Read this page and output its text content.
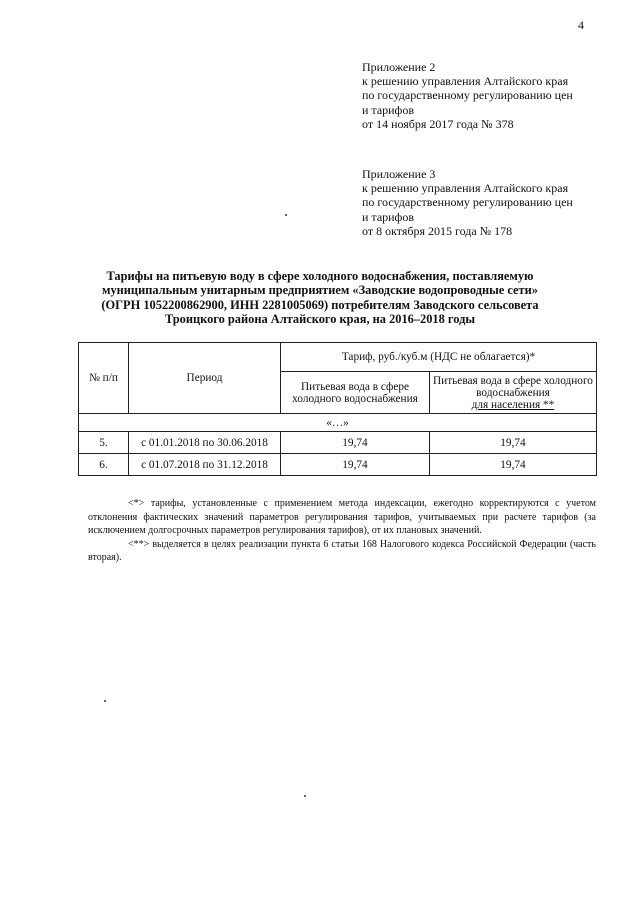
4
Приложение 2
к решению управления Алтайского края
по государственному регулированию цен
и тарифов
от 14 ноября 2017 года № 378
Приложение 3
к решению управления Алтайского края
по государственному регулированию цен
и тарифов
от 8 октября 2015 года № 178
Тарифы на питьевую воду в сфере холодного водоснабжения, поставляемую
муниципальным унитарным предприятием «Заводские водопроводные сети»
(ОГРН 1052200862900, ИНН 2281005069) потребителям Заводского сельсовета
Троицкого района Алтайского края, на 2016–2018 годы
№ п/п	Период	Тариф, руб./куб.м (НДС не облагается)*	
		Питьевая вода в сфере холодного водоснабжения	Питьевая вода в сфере холодного водоснабжения
для населения **
«…»			
5.	с 01.01.2018 по 30.06.2018	19,74	19,74
6.	с 01.07.2018 по 31.12.2018	19,74	19,74

<*> тарифы, установленные с применением метода индексации, ежегодно корректируются с учетом отклонения фактических значений параметров регулирования тарифов, учитываемых при расчете тарифов (за исключением долгосрочных параметров регулирования тарифов), от их плановых значений.

<**> выделяется в целях реализации пункта 6 статьи 168 Налогового кодекса Российской Федерации (часть вторая).
